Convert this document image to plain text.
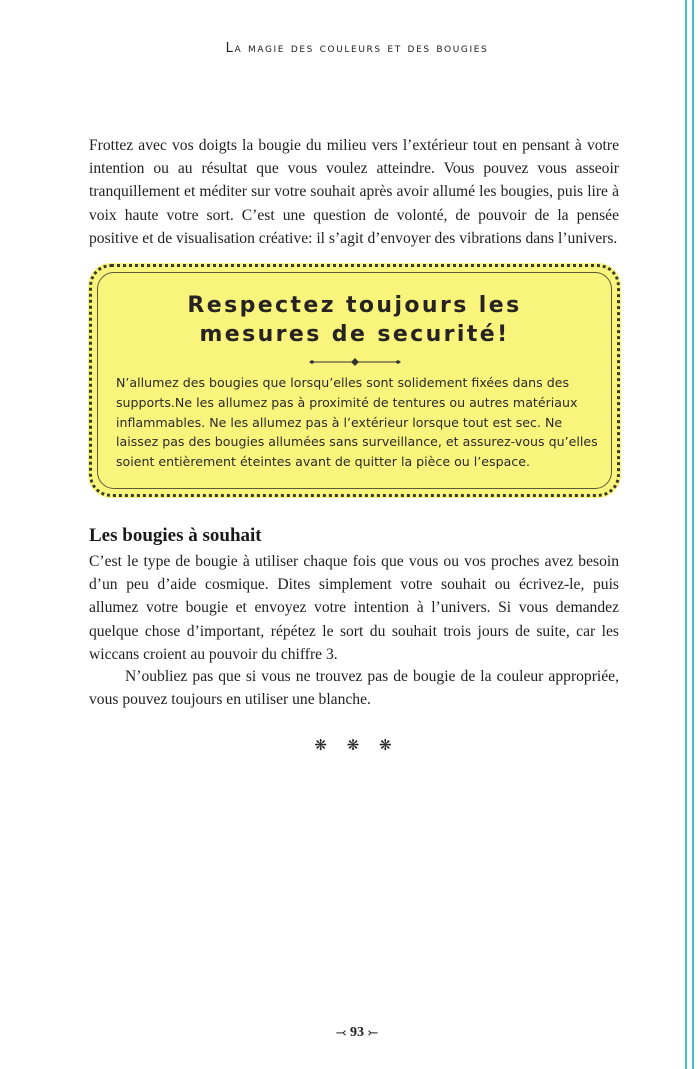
La magie des couleurs et des bougies

Frottez avec vos doigts la bougie du milieu vers l’extérieur tout en pensant à votre intention ou au résultat que vous voulez atteindre. Vous pouvez vous asseoir tranquillement et méditer sur votre souhait après avoir allumé les bougies, puis lire à voix haute votre sort. C’est une question de volonté, de pouvoir de la pensée positive et de visualisation créative: il s’agit d’envoyer des vibrations dans l’univers.

Respectez toujours les
mesures de securité!

N’allumez des bougies que lorsqu’elles sont solidement fixées dans des supports.Ne les allumez pas à proximité de tentures ou autres matériaux inflammables. Ne les allumez pas à l’extérieur lorsque tout est sec. Ne laissez pas des bougies allumées sans surveillance, et assurez-vous qu’elles soient entièrement éteintes avant de quitter la pièce ou l’espace.

Les bougies à souhait

C’est le type de bougie à utiliser chaque fois que vous ou vos proches avez besoin d’un peu d’aide cosmique. Dites simplement votre souhait ou écrivez-le, puis allumez votre bougie et envoyez votre intention à l’univers. Si vous demandez quelque chose d’important, répétez le sort du souhait trois jours de suite, car les wiccans croient au pouvoir du chiffre 3.

N’oubliez pas que si vous ne trouvez pas de bougie de la couleur appropriée, vous pouvez toujours en utiliser une blanche.

❋ ❋ ❋
⤙ 93 ⤚
